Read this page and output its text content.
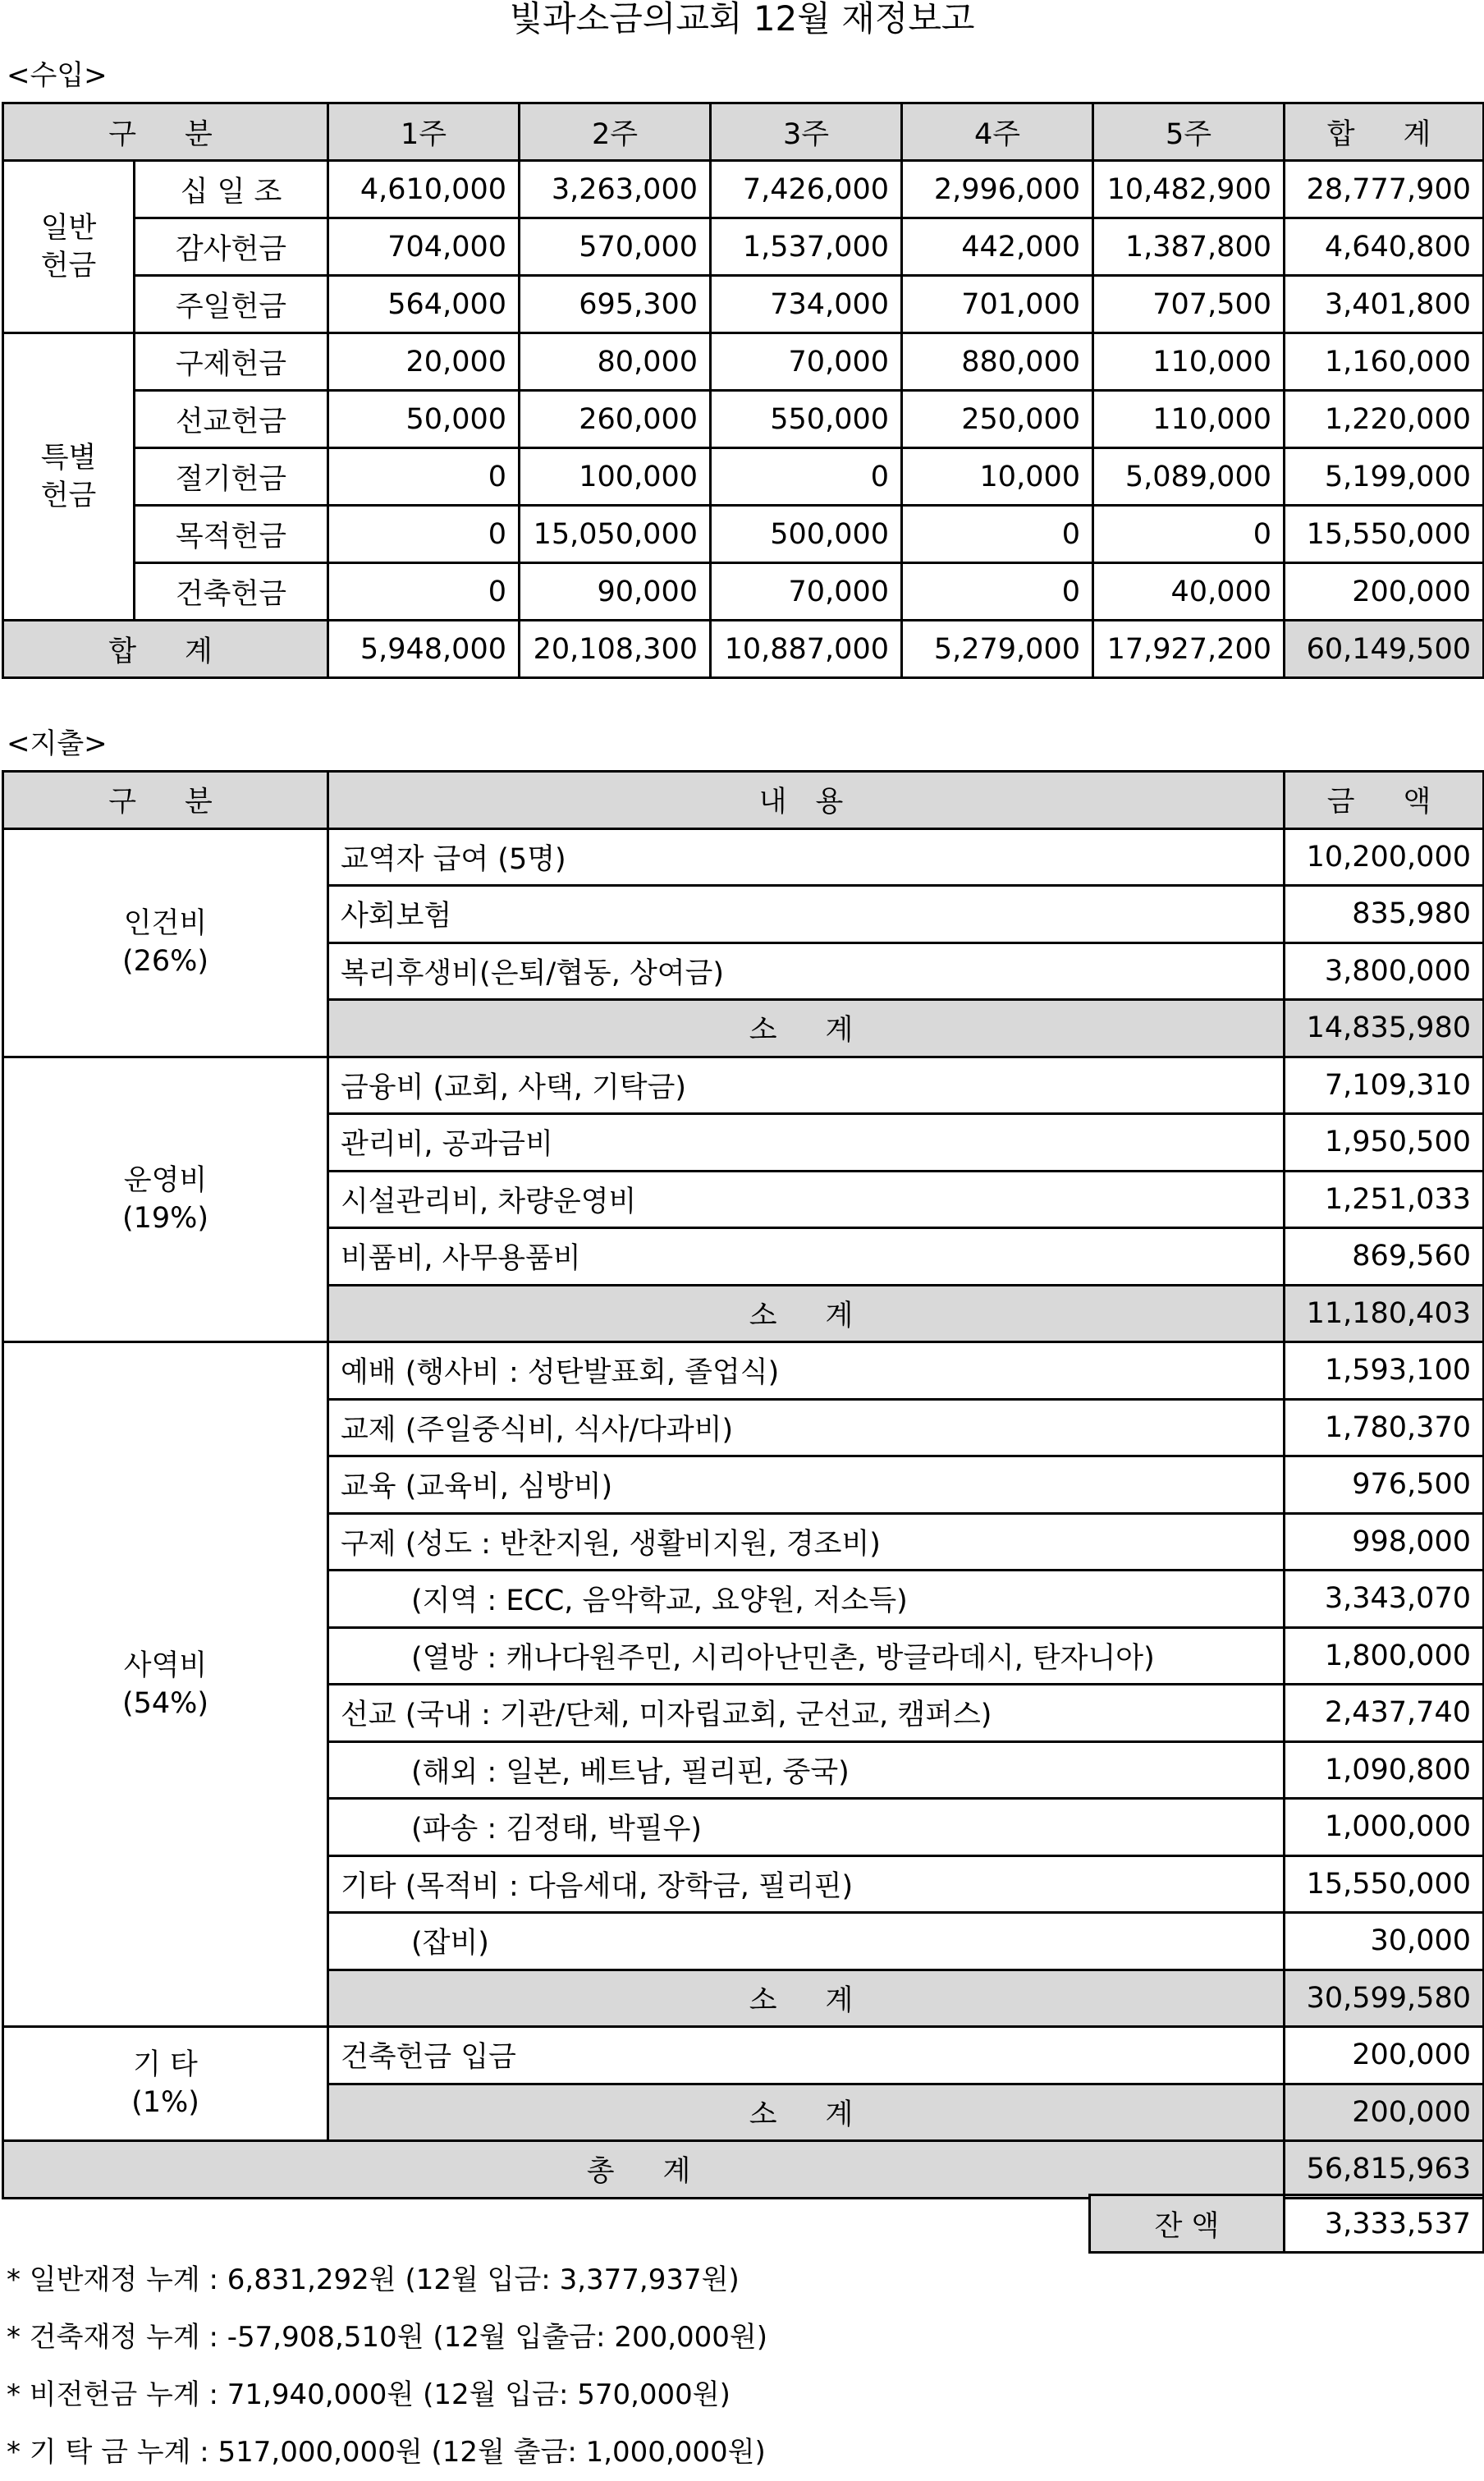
빛과소금의교회 12월 재정보고
<수입>
구　분		1주	2주	3주	4주	5주	합　계
일반
헌금	십 일 조	4,610,000	3,263,000	7,426,000	2,996,000	10,482,900	28,777,900
	감사헌금	704,000	570,000	1,537,000	442,000	1,387,800	4,640,800
	주일헌금	564,000	695,300	734,000	701,000	707,500	3,401,800
특별
헌금	구제헌금	20,000	80,000	70,000	880,000	110,000	1,160,000
	선교헌금	50,000	260,000	550,000	250,000	110,000	1,220,000
	절기헌금	0	100,000	0	10,000	5,089,000	5,199,000
	목적헌금	0	15,050,000	500,000	0	0	15,550,000
	건축헌금	0	90,000	70,000	0	40,000	200,000
합　계		5,948,000	20,108,300	10,887,000	5,279,000	17,927,200	60,149,500
<지출>
구　분	내 용	금　액
인건비
(26%)	교역자 급여 (5명)	10,200,000
	사회보험	835,980
	복리후생비(은퇴/협동, 상여금)	3,800,000
	소　계	14,835,980
운영비
(19%)	금융비 (교회, 사택, 기탁금)	7,109,310
	관리비, 공과금비	1,950,500
	시설관리비, 차량운영비	1,251,033
	비품비, 사무용품비	869,560
	소　계	11,180,403
사역비
(54%)	예배 (행사비 : 성탄발표회, 졸업식)	1,593,100
	교제 (주일중식비, 식사/다과비)	1,780,370
	교육 (교육비, 심방비)	976,500
	구제 (성도 : 반찬지원, 생활비지원, 경조비)	998,000
	(지역 : ECC, 음악학교, 요양원, 저소득)	3,343,070
	(열방 : 캐나다원주민, 시리아난민촌, 방글라데시, 탄자니아)	1,800,000
	선교 (국내 : 기관/단체, 미자립교회, 군선교, 캠퍼스)	2,437,740
	(해외 : 일본, 베트남, 필리핀, 중국)	1,090,800
	(파송 : 김정태, 박필우)	1,000,000
	기타 (목적비 : 다음세대, 장학금, 필리핀)	15,550,000
	(잡비)	30,000
	소　계	30,599,580
기 타
(1%)	건축헌금 입금	200,000
	소　계	200,000
총　계		56,815,963
잔 액	3,333,537
* 일반재정 누계 : 6,831,292원 (12월 입금: 3,377,937원)
* 건축재정 누계 : -57,908,510원 (12월 입출금: 200,000원)
* 비전헌금 누계 : 71,940,000원 (12월 입금: 570,000원)
* 기 탁 금 누계 : 517,000,000원 (12월 출금: 1,000,000원)
